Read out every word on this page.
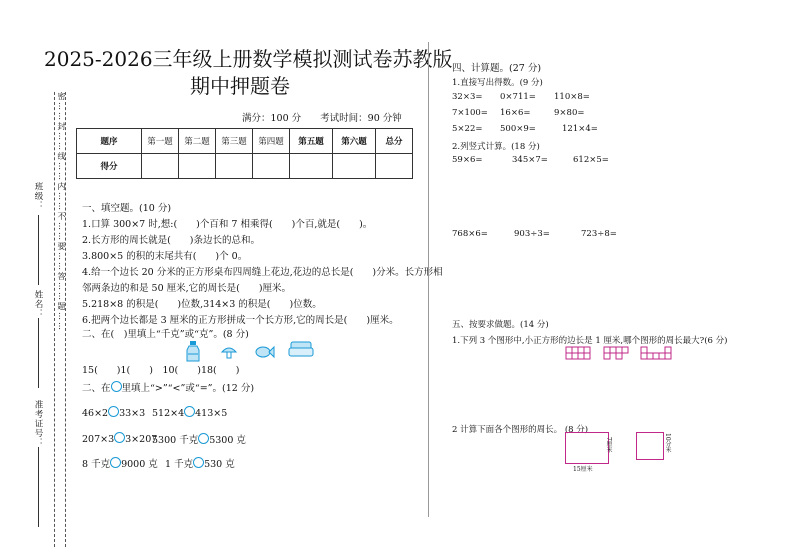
密……封……线……内……不……要……答……题……
班级：
姓名：
准考证号：
2025-2026三年级上册数学模拟测试卷苏教版
期中押题卷
满分：100 分　　考试时间：90 分钟
题序	第一题	第二题	第三题	第四题	第五题	第六题	总分
得分							
一、填空题。(10 分)
1.口算 300×7 时,想:(　　)个百和 7 相乘得(　　)个百,就是(　　)。
2.长方形的周长就是(　　)条边长的总和。
3.800×5 的积的末尾共有(　　)个 0。
4.给一个边长 20 分米的正方形桌布四周缝上花边,花边的总长是(　　)分米。长方形相
邻两条边的和是 50 厘米,它的周长是(　　)厘米。
5.218×8 的积是(　　)位数,314×3 的积是(　　)位数。
6.把两个边长都是 3 厘米的正方形拼成一个长方形,它的周长是(　　)厘米。
二、在(　)里填上“千克”或“克”。(8 分)
15(　　)1(　　)　10(　　)18(　　)
二、在 里填上“>”“<”或“=”。(12 分)
46×2 33×3 512×4 413×5
207×3 3×207
5300 千克 5300 克
8 千克 9000 克 1 千克 530 克
四、计算题。(27 分)
1.直接写出得数。(9 分)
32×3= 0×711= 110×8=
7×100= 16×6=	9×80=
5×22= 500×9=	121×4=
2.列竖式计算。(18 分)
59×6=	345×7=	612×5=
768×6=	903÷3=	723÷8=
五、按要求做题。(14 分)
1.下列 3 个图形中,小正方形的边长是 1 厘米,哪个图形的周长最大?(6 分)
2 计算下面各个图形的周长。 (8 分)
7厘米
15厘米
10分米
